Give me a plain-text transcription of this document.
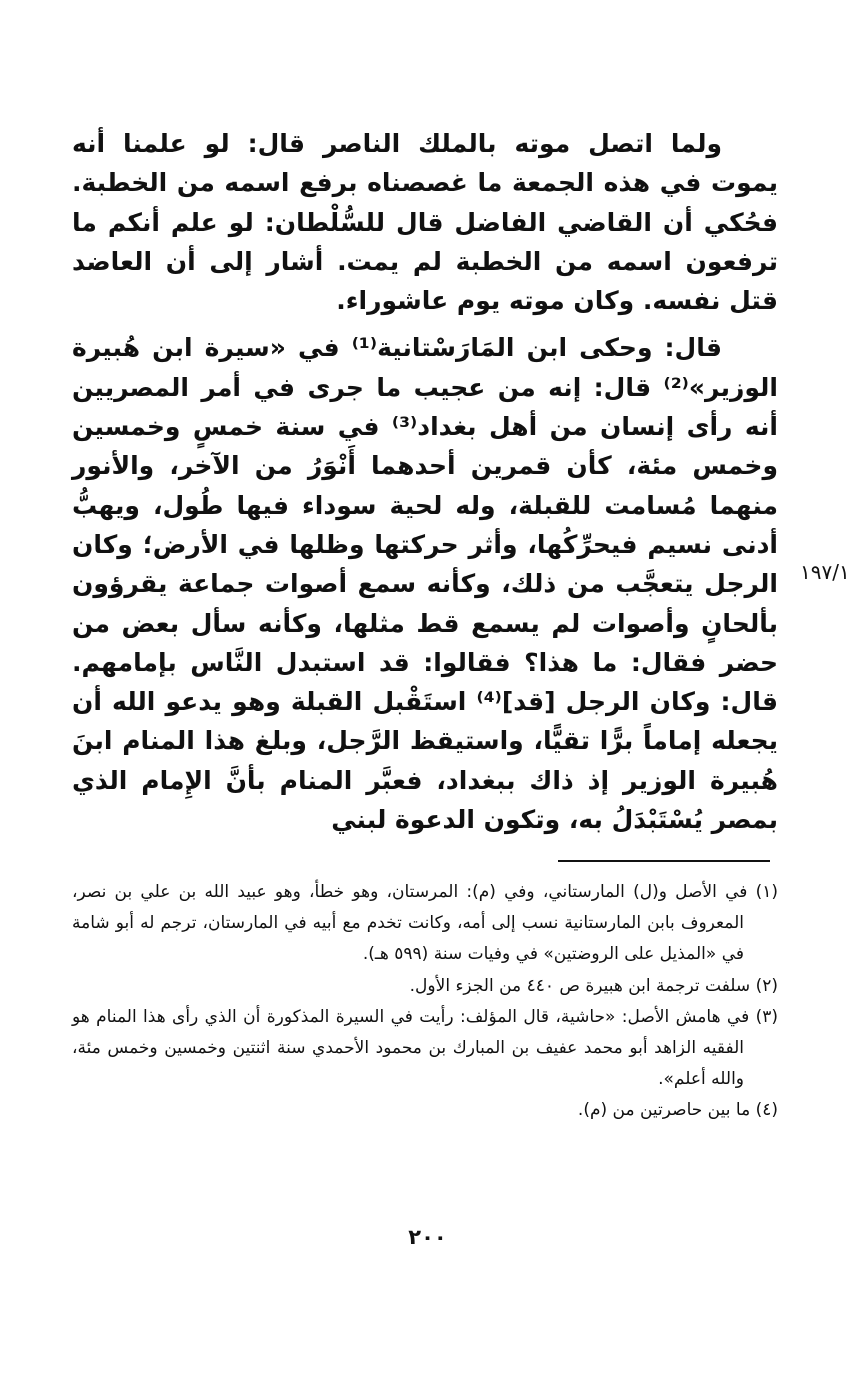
ولما اتصل موته بالملك الناصر قال: لو علمنا أنه يموت في هذه الجمعة ما غصصناه برفع اسمه من الخطبة. فحُكي أن القاضي الفاضل قال للسُّلْطان: لو علم أنكم ما ترفعون اسمه من الخطبة لم يمت. أشار إلى أن العاضد قتل نفسه. وكان موته يوم عاشوراء.

قال: وحكى ابن المَارَسْتانية⁽¹⁾ في «سيرة ابن هُبيرة الوزير»⁽²⁾ قال: إنه من عجيب ما جرى في أمر المصريين أنه رأى إنسان من أهل بغداد⁽³⁾ في سنة خمسٍ وخمسين وخمس مئة، كأن قمرين أحدهما أَنْوَرُ من الآخر، والأنور منهما مُسامت للقبلة، وله لحية سوداء فيها طُول، ويهبُّ أدنى نسيم فيحرِّكُها، وأثر حركتها وظلها في الأرض؛ وكان الرجل يتعجَّب من ذلك، وكأنه سمع أصوات جماعة يقرؤون بألحانٍ وأصوات لم يسمع قط مثلها، وكأنه سأل بعض من حضر فقال: ما هذا؟ فقالوا: قد استبدل النَّاس بإمامهم. قال: وكان الرجل [قد]⁽⁴⁾ استَقْبل القبلة وهو يدعو الله أن يجعله إماماً برًّا تقيًّا، واستيقظ الرَّجل، وبلغ هذا المنام ابنَ هُبيرة الوزير إذ ذاك ببغداد، فعبَّر المنام بأنَّ الإِمام الذي بمصر يُسْتَبْدَلُ به، وتكون الدعوة لبني

١٩٧/١

(١) في الأصل و(ل) المارستاني، وفي (م): المرستان، وهو خطأ، وهو عبيد الله بن علي بن نصر، المعروف بابن المارستانية نسب إلى أمه، وكانت تخدم مع أبيه في المارستان، ترجم له أبو شامة في «المذيل على الروضتين» في وفيات سنة (٥٩٩ هـ).

(٢) سلفت ترجمة ابن هبيرة ص ٤٤٠ من الجزء الأول.

(٣) في هامش الأصل: «حاشية، قال المؤلف: رأيت في السيرة المذكورة أن الذي رأى هذا المنام هو الفقيه الزاهد أبو محمد عفيف بن المبارك بن محمود الأحمدي سنة اثنتين وخمسين وخمس مئة، والله أعلم».

(٤) ما بين حاصرتين من (م).

٢٠٠
